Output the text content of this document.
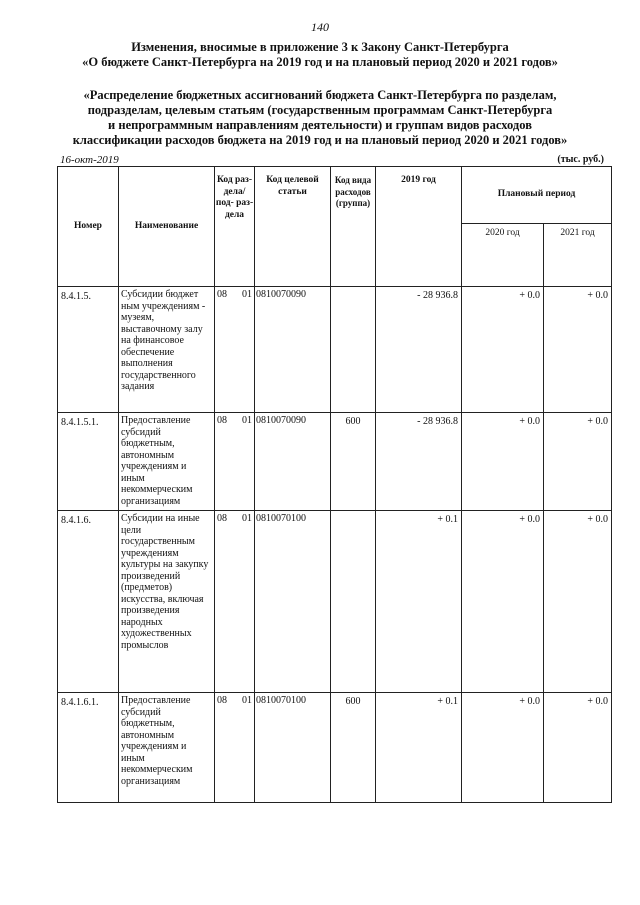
140
Изменения, вносимые в приложение 3 к Закону Санкт-Петербурга
«О бюджете Санкт-Петербурга на 2019 год и на плановый период 2020 и 2021 годов»
«Распределение бюджетных ассигнований бюджета Санкт-Петербурга по разделам,
подразделам, целевым статьям (государственным программам Санкт-Петербурга
и непрограммным направлениям деятельности) и группам видов расходов
классификации расходов бюджета на 2019 год и на плановый период 2020 и 2021 годов»
16-окт-2019	(тыс. руб.)
Номер	Наименование	Код раз- дела/ под- раз- дела	Код целевой статьи	Код вида расходов (группа)	2019 год	Плановый период	
						2020 год	2021 год
8.4.1.5.	Субсидии бюджет ным учреждениям - музеям, выставочному залу на финансовое обеспечение выполнения государственного задания	08 01	0810070090		- 28 936.8	+ 0.0	+ 0.0
8.4.1.5.1.	Предоставление субсидий бюджетным, автономным учреждениям и иным некоммерческим организациям	08 01	0810070090	600	- 28 936.8	+ 0.0	+ 0.0
8.4.1.6.	Субсидии на иные цели государственным учреждениям культуры на закупку произведений (предметов) искусства, включая произведения народных художественных промыслов	08 01	0810070100		+ 0.1	+ 0.0	+ 0.0
8.4.1.6.1.	Предоставление субсидий бюджетным, автономным учреждениям и иным некоммерческим организациям	08 01	0810070100	600	+ 0.1	+ 0.0	+ 0.0
